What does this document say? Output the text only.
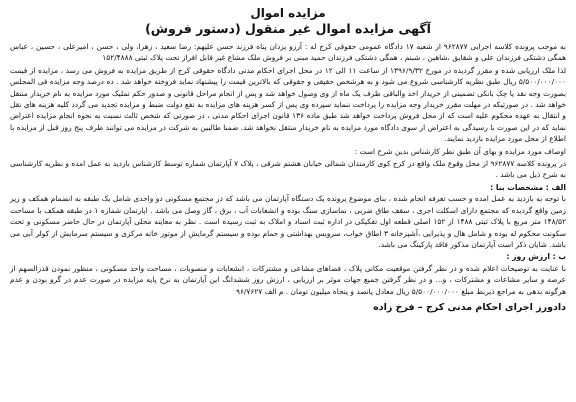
مزایده اموال
آگهی مزایده اموال غیر منقول (دستور فروش)

به موجب پرونده کلاسه اجرایی ۹۶۲۸۷۷ از شعبه ۱۷ دادگاه عمومی حقوقی کرج له : آرزو یزدان پناه فرزند حسن علیهم: رضا سعید ، زهرا، ولی ، حسن ، امیرعلی ، حسین ، عباس همگی دشتکی فرزندان علی و شقایق ،شاهین ، شبنم ، همگی دشتکی فرزندان حمید مبنی بر فروش ملک مشاع غیر قابل افراز تحت پلاک ثبتی ۱۵۲/۴۸۸۸

لذا ملک ارزیابی شده و مقرر گردیده در مورخ ۱۳۹۶/۹/۳۲ از ساعت ۱۱ الی ۱۲ در محل اجرای احکام مدنی دادگاه حقوقی کرج از طریق مزایده به فروش می رسد ، مزایده از قیمت ۵/۵۰۰/۰۰۰/۰۰۰ ریال طبق نظریه کارشناسی شروع می شود و به هرشخص حقیقی و حقوقی که بالاترین قیمت را پیشنهاد نماید فروخته خواهد شد . ده درصد وجه مزایده فی المجلس بصورت وجه نقد یا چک بانکی تضمینی از خریدار اخذ والباقی ظرف یک ماه از وی وصول خواهد شد و پس از انجام مراحل قانونی و صدور حکم تملیک مورد مزایده به نام خریدار منتقل خواهد شد . در صورتیکه در مهلت مقرر خریدار وجه مزایده را پرداخت ننماید سپرده وی پس از کسر هزینه های مزایده به نفع دولت ضبط و مزایده تجدید می گردد کلیه هزینه های نقل و انتقال به عهده محکوم علیه است که از محل فروش پرداخت خواهد شد طبق ماده ۱۳۶ قانون اجرای احکام مدنی ، در صورتی که شخص ثالث نسبت به نحوه انجام مزایده اعتراض نماید که در این صورت با رسیدگی به اعتراض از سوی دادگاه مورد مزایده به نام خریدار منتقل نخواهد شد. ضمنا طالبین به شرکت در مزایده می توانند ظرف پنج روز قبل از مزایده با اطلاع از محل مورد مزایده بازدید نمایند.

اوصاف مورد مزایده و بهای آن طبق نظر کارشناس بدین شرح است :

در پرونده کلاسه ۹۶۲۸۷۷ از محل وقوع ملک واقع در کرج کوی کارمندان شمالی خیابان هشتم شرقی ، پلاک ۷ آپارتمان شماره توسط کارشناس بازدید به عمل امده و نظریه کارشناسی به شرح ذیل می باشد .

الف : مشخصات بنا :

با توجه به بازدید به عمل امده و حسب تعرفه انجام شده ، بنای موضوع پرونده یک دستگاه آپارتمان می باشد که در مجتمع مسکونی دو واحدی شامل یک طبقه به انضمام همکف و زیر زمین واقع گردیده که مجتمع دارای اسکلت اجری ، سقف طاق ضربی ، نماسازی سنگ بوده و انشعابات آب ، برق ، گاز وصل می باشد . اپارتمان شماره ۱ در طبقه همکف با مساحت ۱۴۸/۵۲ متر مربع با پلاک ثبتی ۱۴۸۸ از ۱۵۲ اصلی قطعه اول تفکیکی در اداره ثبت اسناد و املاک به ثبت رسیده است . نظر به معاینه محلی آپارتمان در حال حاضر مسکونی و تحت سکونت محکوم له بوده و شامل هال و پذیرایی ،آشپزخانه ۳ اطاق خواب، سرویس بهداشتی و حمام بوده و سیستم گرمایش از موتور خانه مرکزی و سیستم سرمایش از کولر آبی می باشد. شایان ذکر است آپارتمان مذکور فاقد پارکینگ می باشد.

ب : ارزش روز :

با عنایت به توضیحات اعلام شده و در نظر گرفتن موقعیت مکانی پلاک ، فضاهای مشاعی و مشترکات ، انشعابات و منصوبات ، مساحت واحد مسکونی ، منظور نمودن قدرالسهم از عرصه و سایر مشاعات و مشترکات ، و... و در نظر گرفتن جمیع جهات موثر بر ارزیابی ، ارزش روز ششدانگ این آپارتمان به نرخ پایه مزایده در صورت عدم در گرو بودن و عدم هرگونه بدهی به مراجع ذیربط مبلغ ۵/۵۰۰/۰۰۰/۰۰۰ ریال معادل پانصد و پنجاه میلیون تومان . م الف ۹۶/۷۶۲۷

دادورز اجرای احکام مدنی کرج – فرخ زاده
